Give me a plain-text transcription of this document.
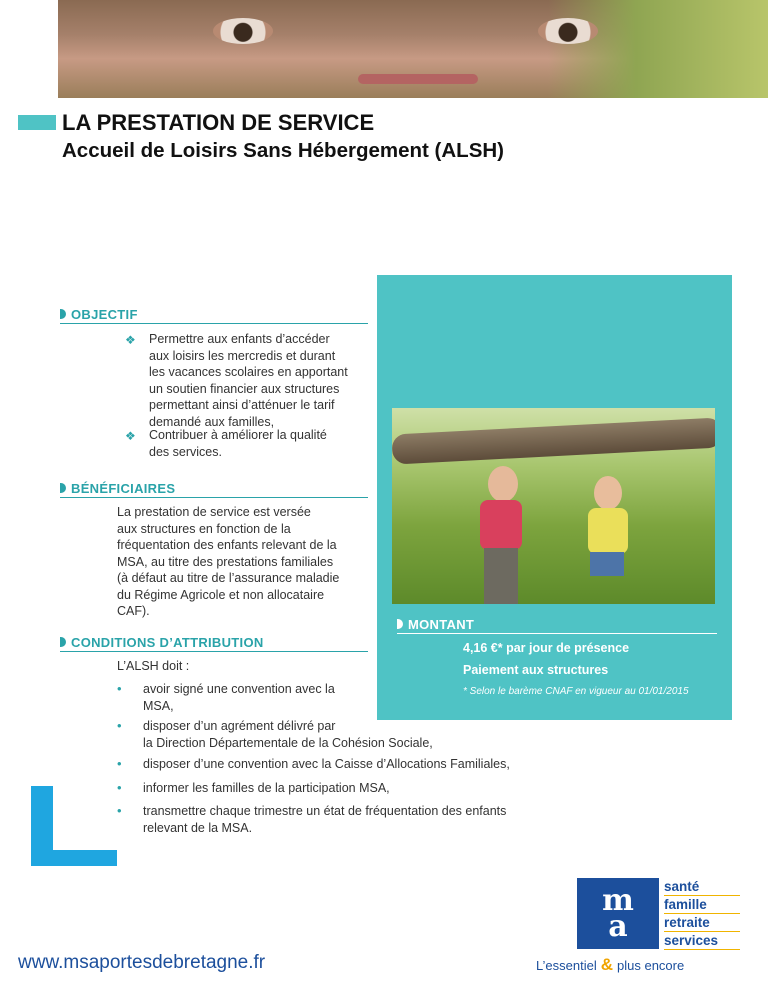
LA PRESTATION DE SERVICE
Accueil de Loisirs Sans Hébergement (ALSH)
OBJECTIF
❖ Permettre aux enfants d’accéder
aux loisirs les mercredis et durant
les vacances scolaires en apportant
un soutien financier aux structures
permettant ainsi d’atténuer le tarif
demandé aux familles,
❖ Contribuer à améliorer la qualité
des services.
BÉNÉFICIAIRES
La prestation de service est versée
aux structures en fonction de la
fréquentation des enfants relevant de la
MSA, au titre des prestations familiales
(à défaut au titre de l’assurance maladie
du Régime Agricole et non allocataire
CAF).
CONDITIONS D’ATTRIBUTION
L’ALSH doit :
• avoir signé une convention avec la
MSA,
• disposer d’un agrément délivré par
la Direction Départementale de la Cohésion Sociale,
• disposer d’une convention avec la Caisse d’Allocations Familiales,
• informer les familles de la participation MSA,
• transmettre chaque trimestre un état de fréquentation des enfants
relevant de la MSA.
MONTANT
4,16 €* par jour de présence
Paiement aux structures
* Selon le barème CNAF en vigueur au 01/01/2015
m
a
santé
famille
retraite
services
L’essentiel & plus encore
www.msaportesdebretagne.fr
